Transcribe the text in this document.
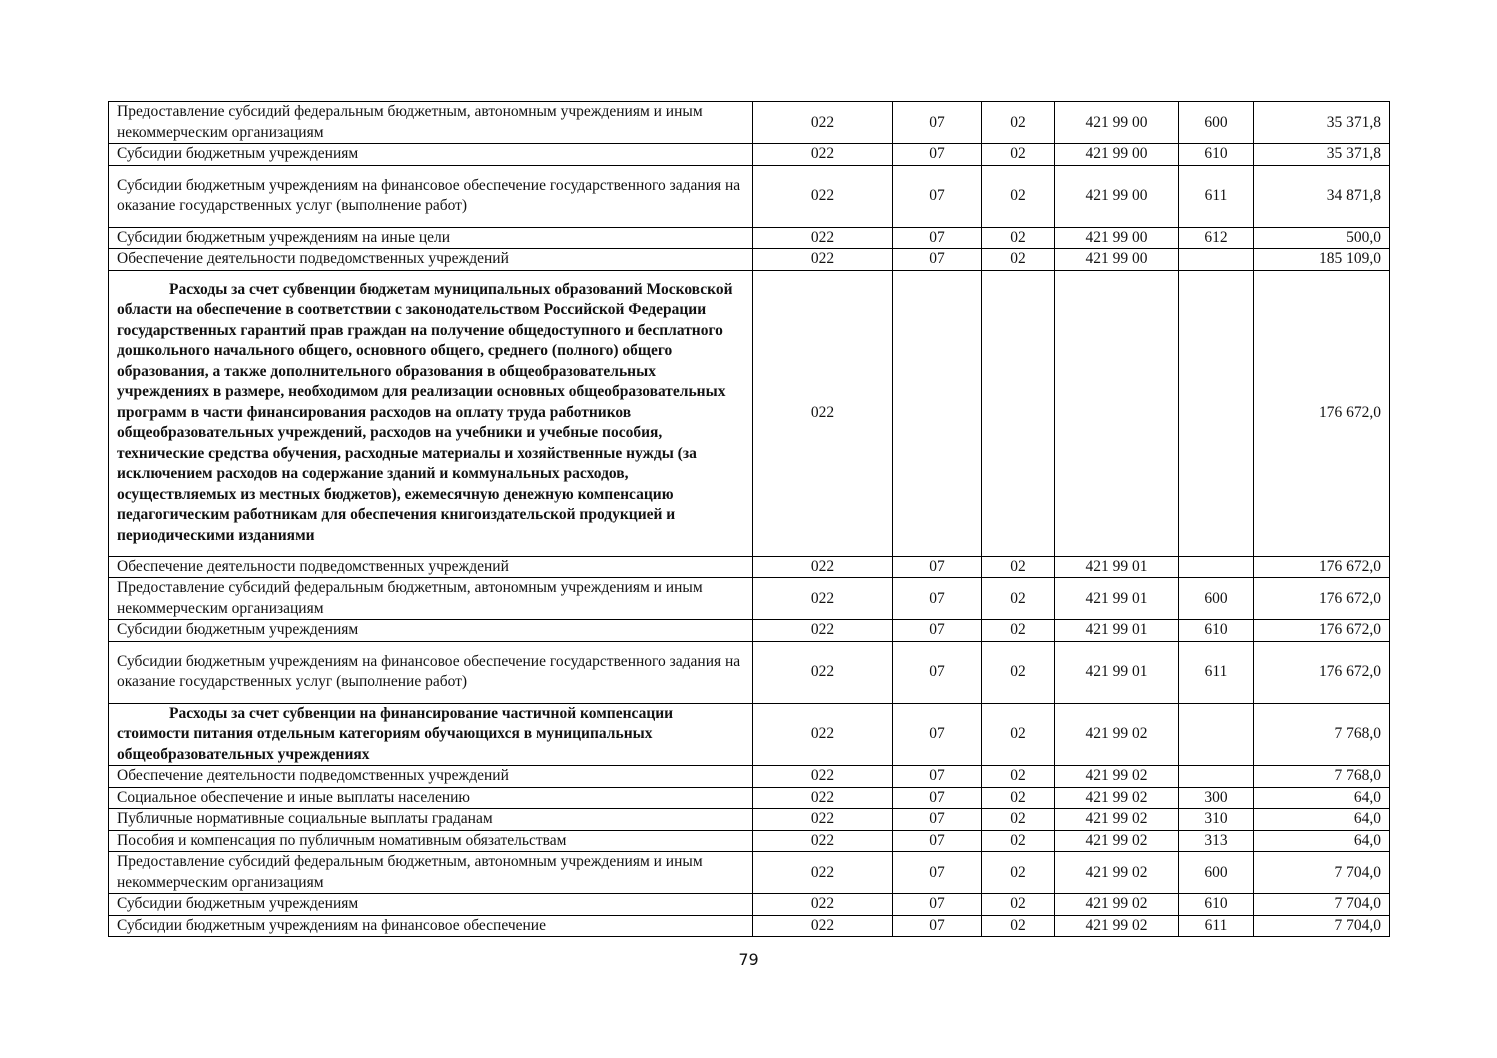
Предоставление субсидий федеральным бюджетным, автономным учреждениям и иным некоммерческим организациям	022	07	02	421 99 00	600	35 371,8
Субсидии бюджетным учреждениям	022	07	02	421 99 00	610	35 371,8
Субсидии бюджетным учреждениям на финансовое обеспечение государственного задания на оказание государственных услуг (выполнение работ)	022	07	02	421 99 00	611	34 871,8
Субсидии бюджетным учреждениям на иные цели	022	07	02	421 99 00	612	500,0
Обеспечение деятельности подведомственных учреждений	022	07	02	421 99 00		185 109,0
Расходы за счет субвенции бюджетам муниципальных образований Московской области на обеспечение в соответствии с законодательством Российской Федерации государственных гарантий прав граждан на получение общедоступного и бесплатного дошкольного начального общего, основного общего, среднего (полного) общего образования, а также дополнительного образования в общеобразовательных учреждениях в размере, необходимом для реализации основных общеобразовательных программ в части финансирования расходов на оплату труда работников общеобразовательных учреждений, расходов на учебники и учебные пособия, технические средства обучения, расходные материалы и хозяйственные нужды (за исключением расходов на содержание зданий и коммунальных расходов, осуществляемых из местных бюджетов), ежемесячную денежную компенсацию педагогическим работникам для обеспечения книгоиздательской продукцией и периодическими изданиями	022					176 672,0
Обеспечение деятельности подведомственных учреждений	022	07	02	421 99 01		176 672,0
Предоставление субсидий федеральным бюджетным, автономным учреждениям и иным некоммерческим организациям	022	07	02	421 99 01	600	176 672,0
Субсидии бюджетным учреждениям	022	07	02	421 99 01	610	176 672,0
Субсидии бюджетным учреждениям на финансовое обеспечение государственного задания на оказание государственных услуг (выполнение работ)	022	07	02	421 99 01	611	176 672,0
Расходы за счет субвенции на финансирование частичной компенсации стоимости питания отдельным категориям обучающихся в муниципальных общеобразовательных учреждениях	022	07	02	421 99 02		7 768,0
Обеспечение деятельности подведомственных учреждений	022	07	02	421 99 02		7 768,0
Социальное обеспечение и иные выплаты населению	022	07	02	421 99 02	300	64,0
Публичные нормативные социальные выплаты граданам	022	07	02	421 99 02	310	64,0
Пособия и компенсация по публичным номативным обязательствам	022	07	02	421 99 02	313	64,0
Предоставление субсидий федеральным бюджетным, автономным учреждениям и иным некоммерческим организациям	022	07	02	421 99 02	600	7 704,0
Субсидии бюджетным учреждениям	022	07	02	421 99 02	610	7 704,0
Субсидии бюджетным учреждениям на финансовое обеспечение	022	07	02	421 99 02	611	7 704,0
79
